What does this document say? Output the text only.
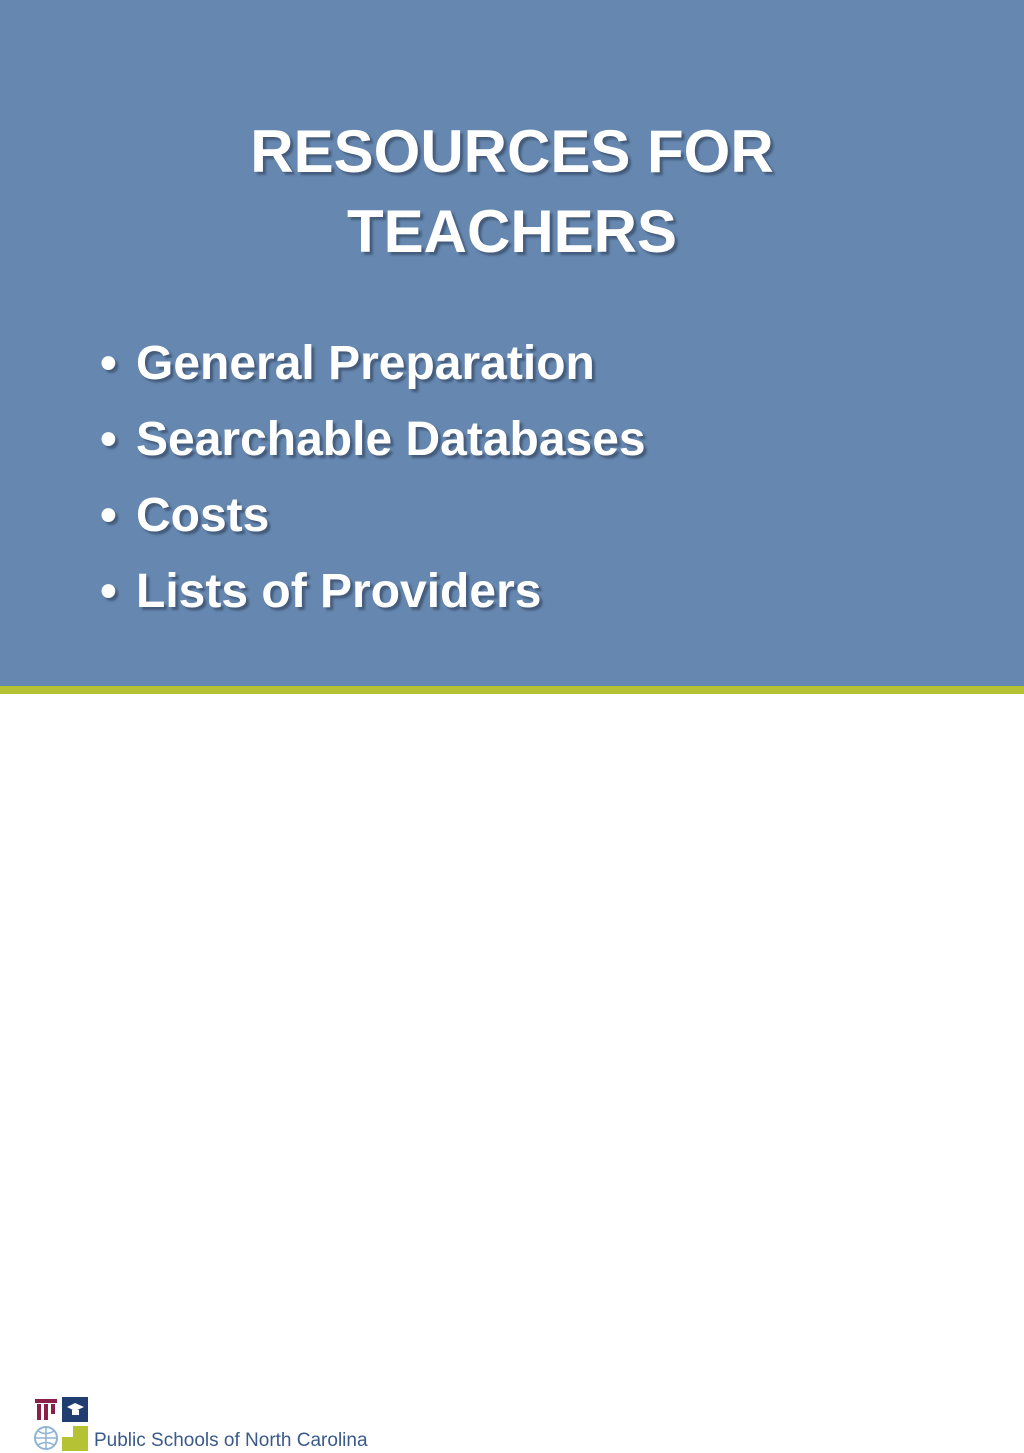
RESOURCES FOR
TEACHERS
• General Preparation
• Searchable Databases
• Costs
• Lists of Providers
Public Schools of North Carolina
